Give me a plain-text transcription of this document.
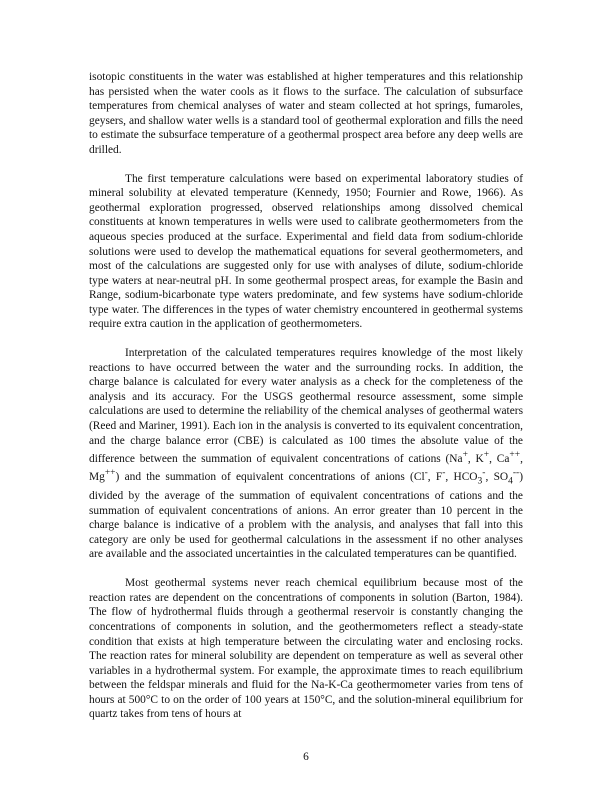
isotopic constituents in the water was established at higher temperatures and this relationship has persisted when the water cools as it flows to the surface. The calculation of subsurface temperatures from chemical analyses of water and steam collected at hot springs, fumaroles, geysers, and shallow water wells is a standard tool of geothermal exploration and fills the need to estimate the subsurface temperature of a geothermal prospect area before any deep wells are drilled.

The first temperature calculations were based on experimental laboratory studies of mineral solubility at elevated temperature (Kennedy, 1950; Fournier and Rowe, 1966). As geothermal exploration progressed, observed relationships among dissolved chemical constituents at known temperatures in wells were used to calibrate geothermometers from the aqueous species produced at the surface. Experimental and field data from sodium-chloride solutions were used to develop the mathematical equations for several geothermometers, and most of the calculations are suggested only for use with analyses of dilute, sodium-chloride type waters at near-neutral pH. In some geothermal prospect areas, for example the Basin and Range, sodium-bicarbonate type waters predominate, and few systems have sodium-chloride type water. The differences in the types of water chemistry encountered in geothermal systems require extra caution in the application of geothermometers.

Interpretation of the calculated temperatures requires knowledge of the most likely reactions to have occurred between the water and the surrounding rocks. In addition, the charge balance is calculated for every water analysis as a check for the completeness of the analysis and its accuracy. For the USGS geothermal resource assessment, some simple calculations are used to determine the reliability of the chemical analyses of geothermal waters (Reed and Mariner, 1991). Each ion in the analysis is converted to its equivalent concentration, and the charge balance error (CBE) is calculated as 100 times the absolute value of the difference between the summation of equivalent concentrations of cations (Na+, K+, Ca++, Mg++) and the summation of equivalent concentrations of anions (Cl-, F-, $HCO_3^-$, $SO_4^{--}$) divided by the average of the summation of equivalent concentrations of cations and the summation of equivalent concentrations of anions. An error greater than 10 percent in the charge balance is indicative of a problem with the analysis, and analyses that fall into this category are only be used for geothermal calculations in the assessment if no other analyses are available and the associated uncertainties in the calculated temperatures can be quantified.

Most geothermal systems never reach chemical equilibrium because most of the reaction rates are dependent on the concentrations of components in solution (Barton, 1984). The flow of hydrothermal fluids through a geothermal reservoir is constantly changing the concentrations of components in solution, and the geothermometers reflect a steady-state condition that exists at high temperature between the circulating water and enclosing rocks. The reaction rates for mineral solubility are dependent on temperature as well as several other variables in a hydrothermal system. For example, the approximate times to reach equilibrium between the feldspar minerals and fluid for the Na-K-Ca geothermometer varies from tens of hours at 500°C to on the order of 100 years at 150°C, and the solution-mineral equilibrium for quartz takes from tens of hours at

6
